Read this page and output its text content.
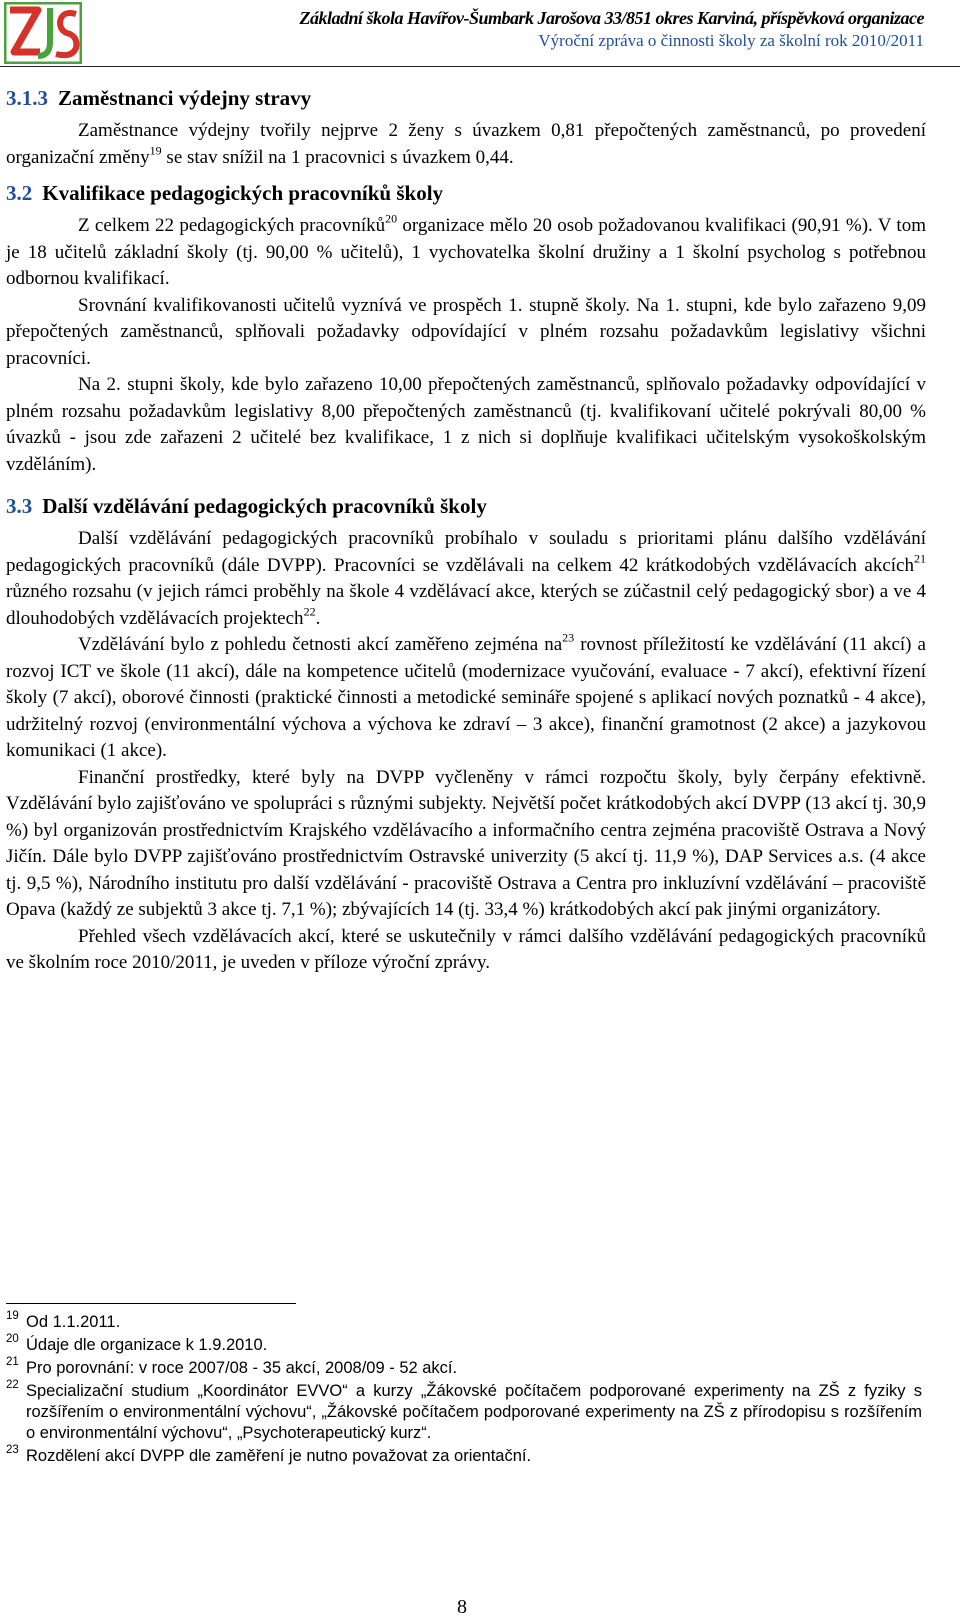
Základní škola Havířov-Šumbark Jarošova 33/851 okres Karviná, příspěvková organizace
Výroční zpráva o činnosti školy za školní rok 2010/2011
3.1.3 Zaměstnanci výdejny stravy

Zaměstnance výdejny tvořily nejprve 2 ženy s úvazkem 0,81 přepočtených zaměstnanců, po provedení organizační změny$^{19}$ se stav snížil na 1 pracovnici s úvazkem 0,44.

3.2 Kvalifikace pedagogických pracovníků školy

Z celkem 22 pedagogických pracovníků$^{20}$ organizace mělo 20 osob požadovanou kvalifikaci (90,91 %). V tom je 18 učitelů základní školy (tj. 90,00 % učitelů), 1 vychovatelka školní družiny a 1 školní psycholog s potřebnou odbornou kvalifikací.

Srovnání kvalifikovanosti učitelů vyznívá ve prospěch 1. stupně školy. Na 1. stupni, kde bylo zařazeno 9,09 přepočtených zaměstnanců, splňovali požadavky odpovídající v plném rozsahu požadavkům legislativy všichni pracovníci.

Na 2. stupni školy, kde bylo zařazeno 10,00 přepočtených zaměstnanců, splňovalo požadavky odpovídající v plném rozsahu požadavkům legislativy 8,00 přepočtených zaměstnanců (tj. kvalifikovaní učitelé pokrývali 80,00 % úvazků - jsou zde zařazeni 2 učitelé bez kvalifikace, 1 z nich si doplňuje kvalifikaci učitelským vysokoškolským vzděláním).

3.3 Další vzdělávání pedagogických pracovníků školy

Další vzdělávání pedagogických pracovníků probíhalo v souladu s prioritami plánu dalšího vzdělávání pedagogických pracovníků (dále DVPP). Pracovníci se vzdělávali na celkem 42 krátkodobých vzdělávacích akcích$^{21}$ různého rozsahu (v jejich rámci proběhly na škole 4 vzdělávací akce, kterých se zúčastnil celý pedagogický sbor) a ve 4 dlouhodobých vzdělávacích projektech$^{22}$.

Vzdělávání bylo z pohledu četnosti akcí zaměřeno zejména $na^{23}$ rovnost příležitostí ke vzdělávání (11 akcí) a rozvoj ICT ve škole (11 akcí), dále na kompetence učitelů (modernizace vyučování, evaluace - 7 akcí), efektivní řízení školy (7 akcí), oborové činnosti (praktické činnosti a metodické semináře spojené s aplikací nových poznatků - 4 akce), udržitelný rozvoj (environmentální výchova a výchova ke zdraví – 3 akce), finanční gramotnost (2 akce) a jazykovou komunikaci (1 akce).

Finanční prostředky, které byly na DVPP vyčleněny v rámci rozpočtu školy, byly čerpány efektivně. Vzdělávání bylo zajišťováno ve spolupráci s různými subjekty. Největší počet krátkodobých akcí DVPP (13 akcí tj. 30,9 %) byl organizován prostřednictvím Krajského vzdělávacího a informačního centra zejména pracoviště Ostrava a Nový Jičín. Dále bylo DVPP zajišťováno prostřednictvím Ostravské univerzity (5 akcí tj. 11,9 %), DAP Services a.s. (4 akce tj. 9,5 %), Národního institutu pro další vzdělávání - pracoviště Ostrava a Centra pro inkluzívní vzdělávání – pracoviště Opava (každý ze subjektů 3 akce tj. 7,1 %); zbývajících 14 (tj. 33,4 %) krátkodobých akcí pak jinými organizátory.

Přehled všech vzdělávacích akcí, které se uskutečnily v rámci dalšího vzdělávání pedagogických pracovníků ve školním roce 2010/2011, je uveden v příloze výroční zprávy.

19 Od 1.1.2011.
20 Údaje dle organizace k 1.9.2010.
21 Pro porovnání: v roce 2007/08 - 35 akcí, 2008/09 - 52 akcí.
22 Specializační studium „Koordinátor EVVO“ a kurzy „Žákovské počítačem podporované experimenty na ZŠ z fyziky s rozšířením o environmentální výchovu“, „Žákovské počítačem podporované experimenty na ZŠ z přírodopisu s rozšířením o environmentální výchovu“, „Psychoterapeutický kurz“.
23 Rozdělení akcí DVPP dle zaměření je nutno považovat za orientační.
8
